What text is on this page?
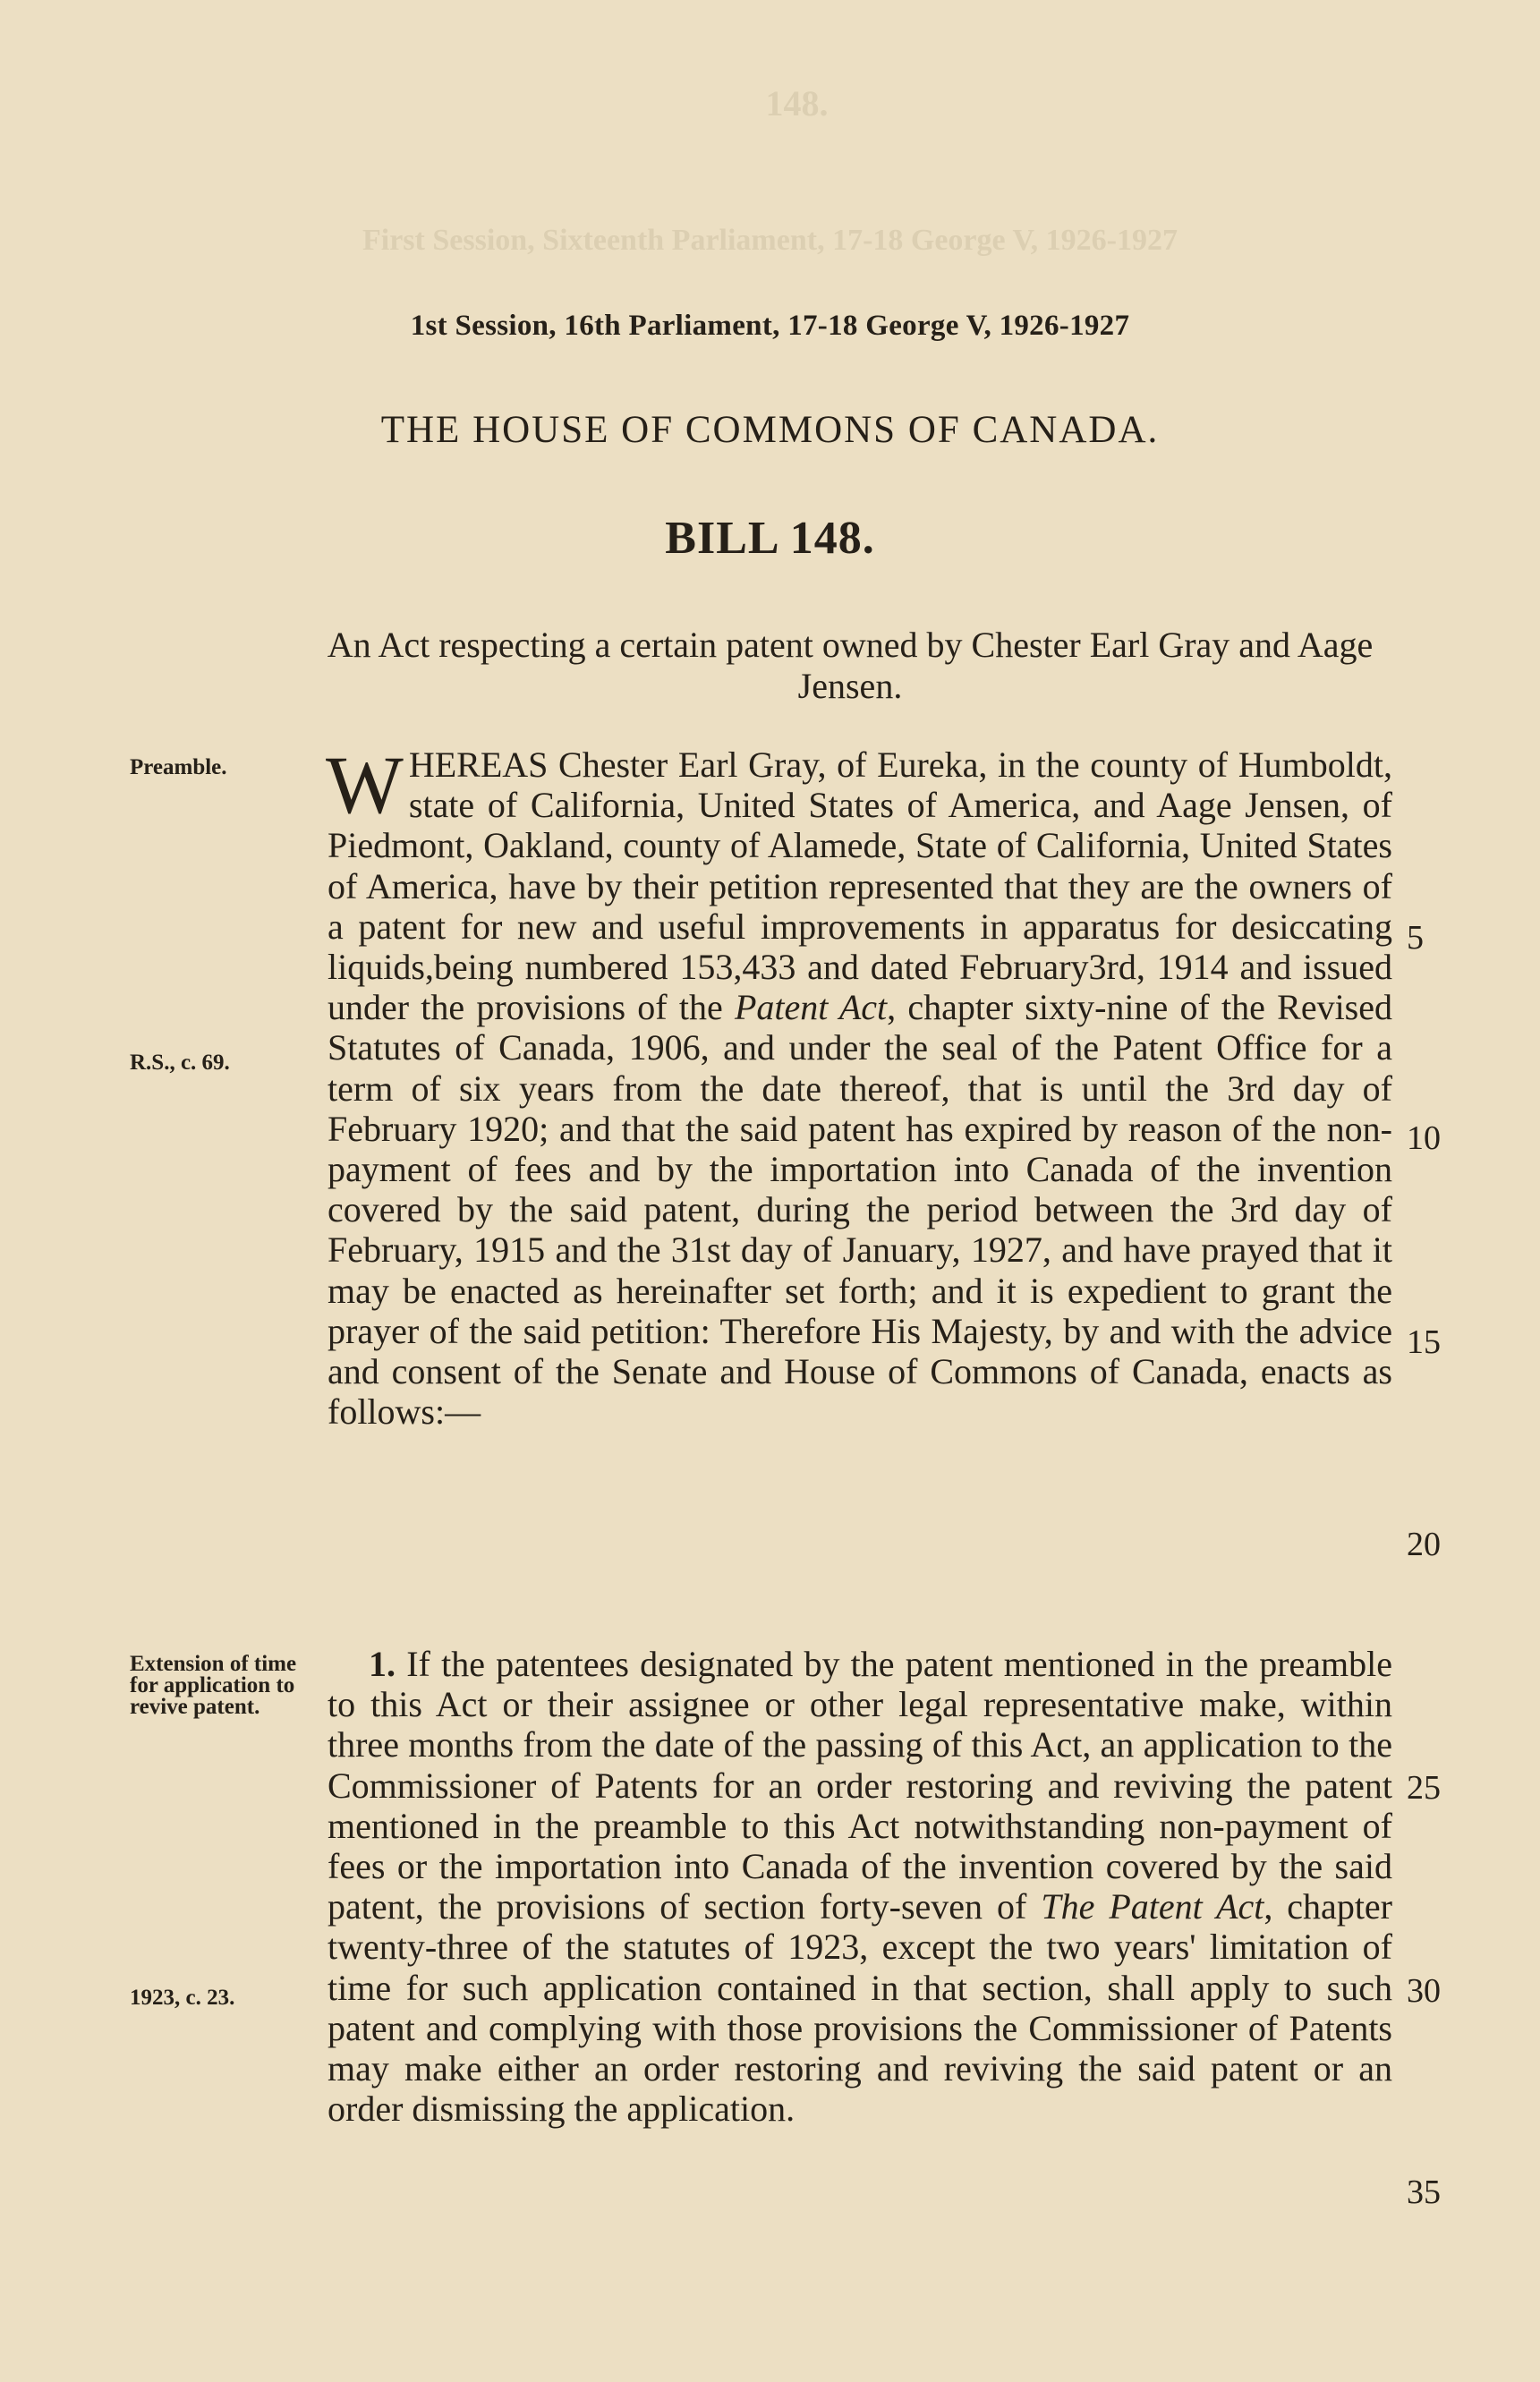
148.
First Session, Sixteenth Parliament, 17-18 George V, 1926-1927
1st Session, 16th Parliament, 17-18 George V, 1926-1927
THE HOUSE OF COMMONS OF CANADA.
BILL 148.
An Act respecting a certain patent owned by Chester Earl Gray and Aage Jensen.
Preamble.
R.S., c. 69.
Extension of time for application to revive patent.
1923, c. 23.

WHEREAS Chester Earl Gray, of Eureka, in the county of Humboldt, state of California, United States of America, and Aage Jensen, of Piedmont, Oakland, county of Alamede, State of California, United States of America, have by their petition represented that they are the owners of a patent for new and useful improvements in apparatus for desiccating liquids,being numbered 153,433 and dated February3rd, 1914 and issued under the provisions of the Patent Act, chapter sixty-nine of the Revised Statutes of Canada, 1906, and under the seal of the Patent Office for a term of six years from the date thereof, that is until the 3rd day of February 1920; and that the said patent has expired by reason of the non-payment of fees and by the importation into Canada of the invention covered by the said patent, during the period between the 3rd day of February, 1915 and the 31st day of January, 1927, and have prayed that it may be enacted as hereinafter set forth; and it is expedient to grant the prayer of the said petition: Therefore His Majesty, by and with the advice and consent of the Senate and House of Commons of Canada, enacts as follows:—

1. If the patentees designated by the patent mentioned in the preamble to this Act or their assignee or other legal representative make, within three months from the date of the passing of this Act, an application to the Commissioner of Patents for an order restoring and reviving the patent mentioned in the preamble to this Act notwithstanding non-payment of fees or the importation into Canada of the invention covered by the said patent, the provisions of section forty-seven of The Patent Act, chapter twenty-three of the statutes of 1923, except the two years' limitation of time for such application contained in that section, shall apply to such patent and complying with those provisions the Commissioner of Patents may make either an order restoring and reviving the said patent or an order dismissing the application.

5
10
15
20
25
30
35
